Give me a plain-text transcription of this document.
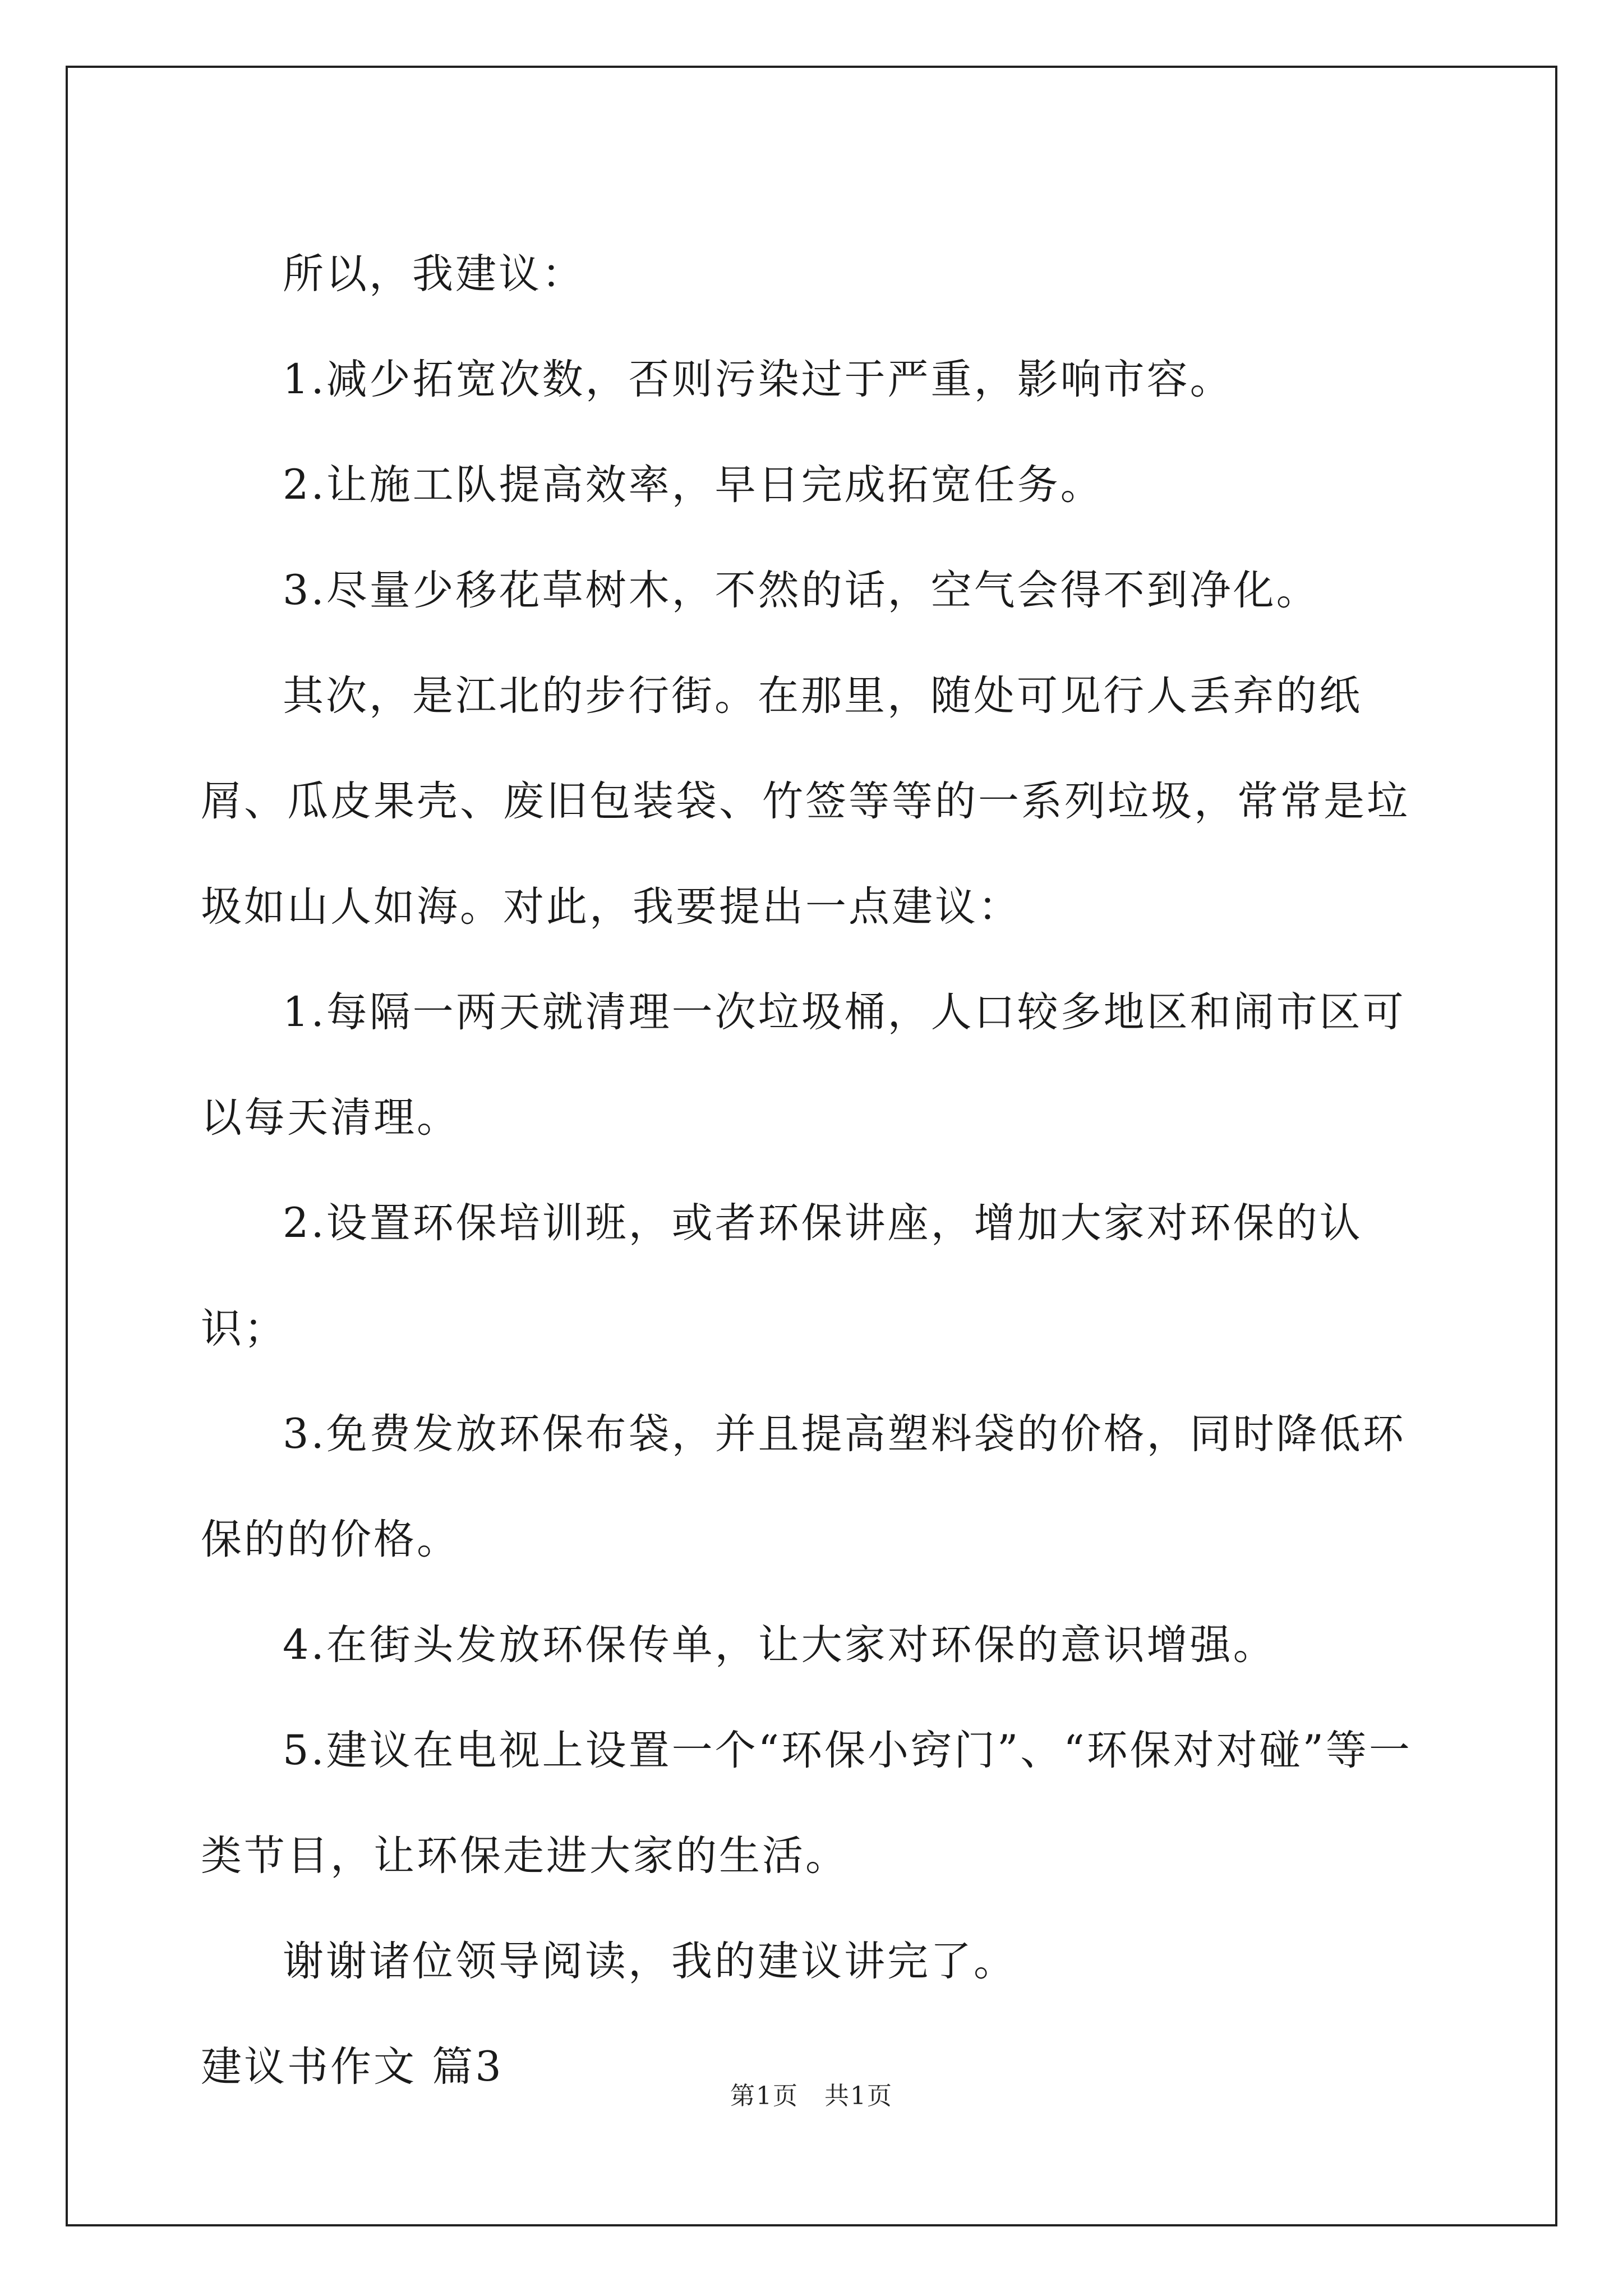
所以，我建议：

1.减少拓宽次数，否则污染过于严重，影响市容。

2.让施工队提高效率，早日完成拓宽任务。

3.尽量少移花草树木，不然的话，空气会得不到净化。

其次，是江北的步行街。在那里，随处可见行人丢弃的纸屑、瓜皮果壳、废旧包装袋、竹签等等的一系列垃圾，常常是垃圾如山人如海。对此，我要提出一点建议：

1.每隔一两天就清理一次垃圾桶，人口较多地区和闹市区可以每天清理。

2.设置环保培训班，或者环保讲座，增加大家对环保的认识；

3.免费发放环保布袋，并且提高塑料袋的价格，同时降低环保的的价格。

4.在街头发放环保传单，让大家对环保的意识增强。

5.建议在电视上设置一个“环保小窍门”、“环保对对碰”等一类节目，让环保走进大家的生活。

谢谢诸位领导阅读，我的建议讲完了。

建议书作文 篇3

第1页　共1页
